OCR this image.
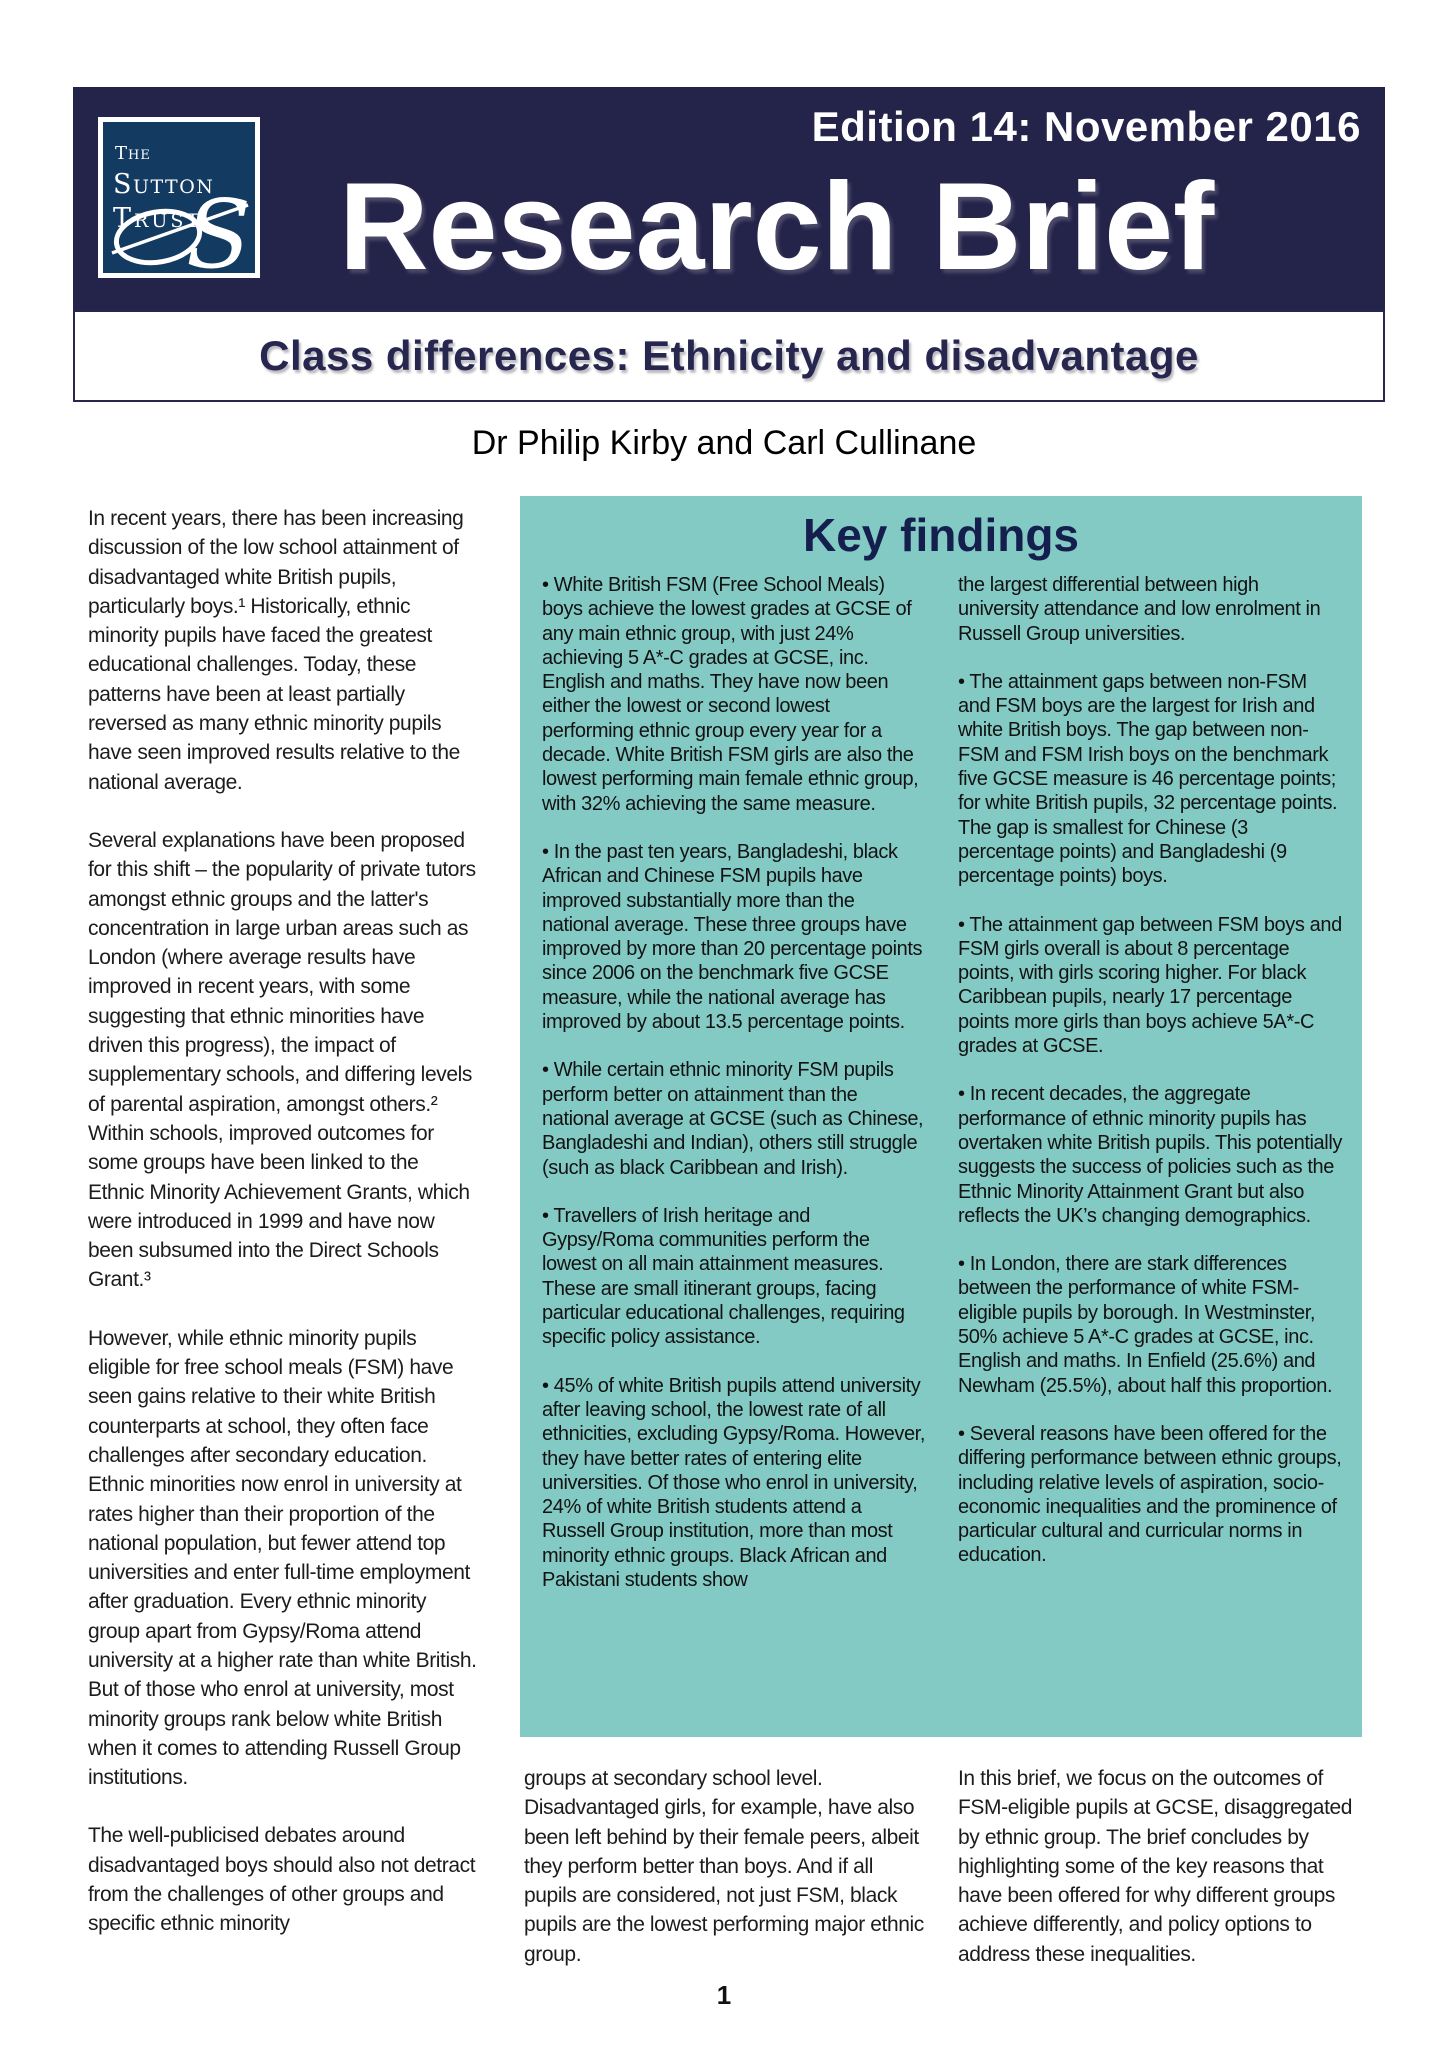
The
Sutton
Trust
S
Edition 14: November 2016
Research Brief
Class differences: Ethnicity and disadvantage
Dr Philip Kirby and Carl Cullinane

In recent years, there has been increasing discussion of the low school attainment of disadvantaged white British pupils, particularly boys.¹ Historically, ethnic minority pupils have faced the greatest educational challenges. Today, these patterns have been at least partially reversed as many ethnic minority pupils have seen improved results relative to the national average.

Several explanations have been proposed for this shift – the popularity of private tutors amongst ethnic groups and the latter's concentration in large urban areas such as London (where average results have improved in recent years, with some suggesting that ethnic minorities have driven this progress), the impact of supplementary schools, and differing levels of parental aspiration, amongst others.² Within schools, improved outcomes for some groups have been linked to the Ethnic Minority Achievement Grants, which were introduced in 1999 and have now been subsumed into the Direct Schools Grant.³

However, while ethnic minority pupils eligible for free school meals (FSM) have seen gains relative to their white British counterparts at school, they often face challenges after secondary education. Ethnic minorities now enrol in university at rates higher than their proportion of the national population, but fewer attend top universities and enter full-time employment after graduation. Every ethnic minority group apart from Gypsy/Roma attend university at a higher rate than white British. But of those who enrol at university, most minority groups rank below white British when it comes to attending Russell Group institutions.

The well-publicised debates around disadvantaged boys should also not detract from the challenges of other groups and specific ethnic minority

Key findings

• White British FSM (Free School Meals) boys achieve the lowest grades at GCSE of any main ethnic group, with just 24% achieving 5 A*-C grades at GCSE, inc. English and maths. They have now been either the lowest or second lowest performing ethnic group every year for a decade. White British FSM girls are also the lowest performing main female ethnic group, with 32% achieving the same measure.

• In the past ten years, Bangladeshi, black African and Chinese FSM pupils have improved substantially more than the national average. These three groups have improved by more than 20 percentage points since 2006 on the benchmark five GCSE measure, while the national average has improved by about 13.5 percentage points.

• While certain ethnic minority FSM pupils perform better on attainment than the national average at GCSE (such as Chinese, Bangladeshi and Indian), others still struggle (such as black Caribbean and Irish).

• Travellers of Irish heritage and Gypsy/Roma communities perform the lowest on all main attainment measures. These are small itinerant groups, facing particular educational challenges, requiring specific policy assistance.

• 45% of white British pupils attend university after leaving school, the lowest rate of all ethnicities, excluding Gypsy/Roma. However, they have better rates of entering elite universities. Of those who enrol in university, 24% of white British students attend a Russell Group institution, more than most minority ethnic groups. Black African and Pakistani students show

the largest differential between high university attendance and low enrolment in Russell Group universities.

• The attainment gaps between non-FSM and FSM boys are the largest for Irish and white British boys. The gap between non-FSM and FSM Irish boys on the benchmark five GCSE measure is 46 percentage points; for white British pupils, 32 percentage points. The gap is smallest for Chinese (3 percentage points) and Bangladeshi (9 percentage points) boys.

• The attainment gap between FSM boys and FSM girls overall is about 8 percentage points, with girls scoring higher. For black Caribbean pupils, nearly 17 percentage points more girls than boys achieve 5A*-C grades at GCSE.

• In recent decades, the aggregate performance of ethnic minority pupils has overtaken white British pupils. This potentially suggests the success of policies such as the Ethnic Minority Attainment Grant but also reflects the UK’s changing demographics.

• In London, there are stark differences between the performance of white FSM-eligible pupils by borough. In Westminster, 50% achieve 5 A*-C grades at GCSE, inc. English and maths. In Enfield (25.6%) and Newham (25.5%), about half this proportion.

• Several reasons have been offered for the differing performance between ethnic groups, including relative levels of aspiration, socio-economic inequalities and the prominence of particular cultural and curricular norms in education.

groups at secondary school level. Disadvantaged girls, for example, have also been left behind by their female peers, albeit they perform better than boys. And if all pupils are considered, not just FSM, black pupils are the lowest performing major ethnic group.

In this brief, we focus on the outcomes of FSM-eligible pupils at GCSE, disaggregated by ethnic group. The brief concludes by highlighting some of the key reasons that have been offered for why different groups achieve differently, and policy options to address these inequalities.

1
